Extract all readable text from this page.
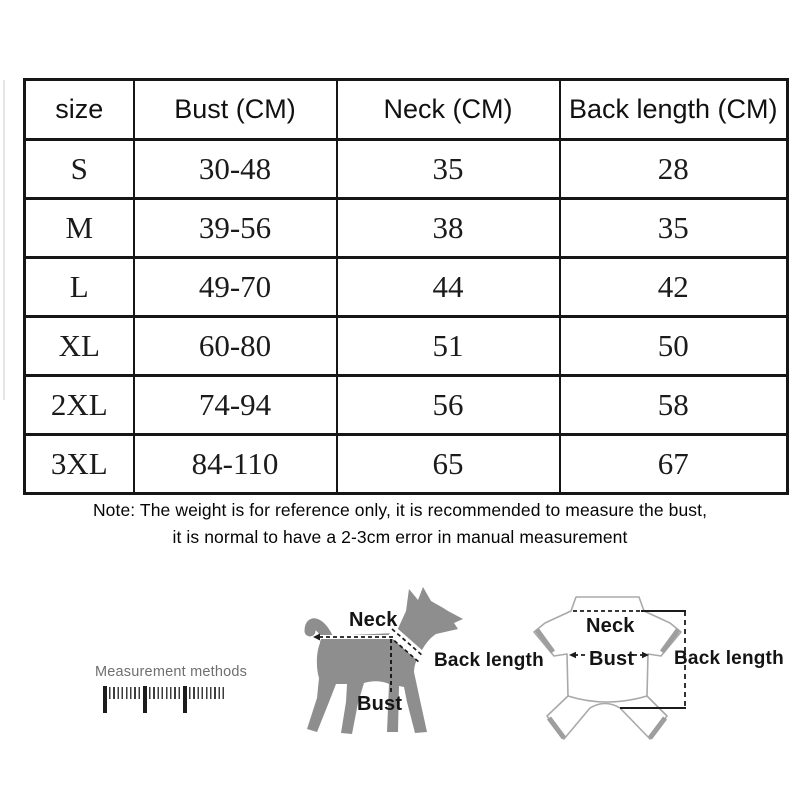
size	Bust (CM)	Neck (CM)	Back length (CM)
S	30-48	35	28
M	39-56	38	35
L	49-70	44	42
XL	60-80	51	50
2XL	74-94	56	58
3XL	84-110	65	67
Note: The weight is for reference only, it is recommended to measure the bust,
it is normal to have a 2-3cm error in manual measurement
Measurement methods
Neck
Back length
Bust
Neck
Bust Back length
